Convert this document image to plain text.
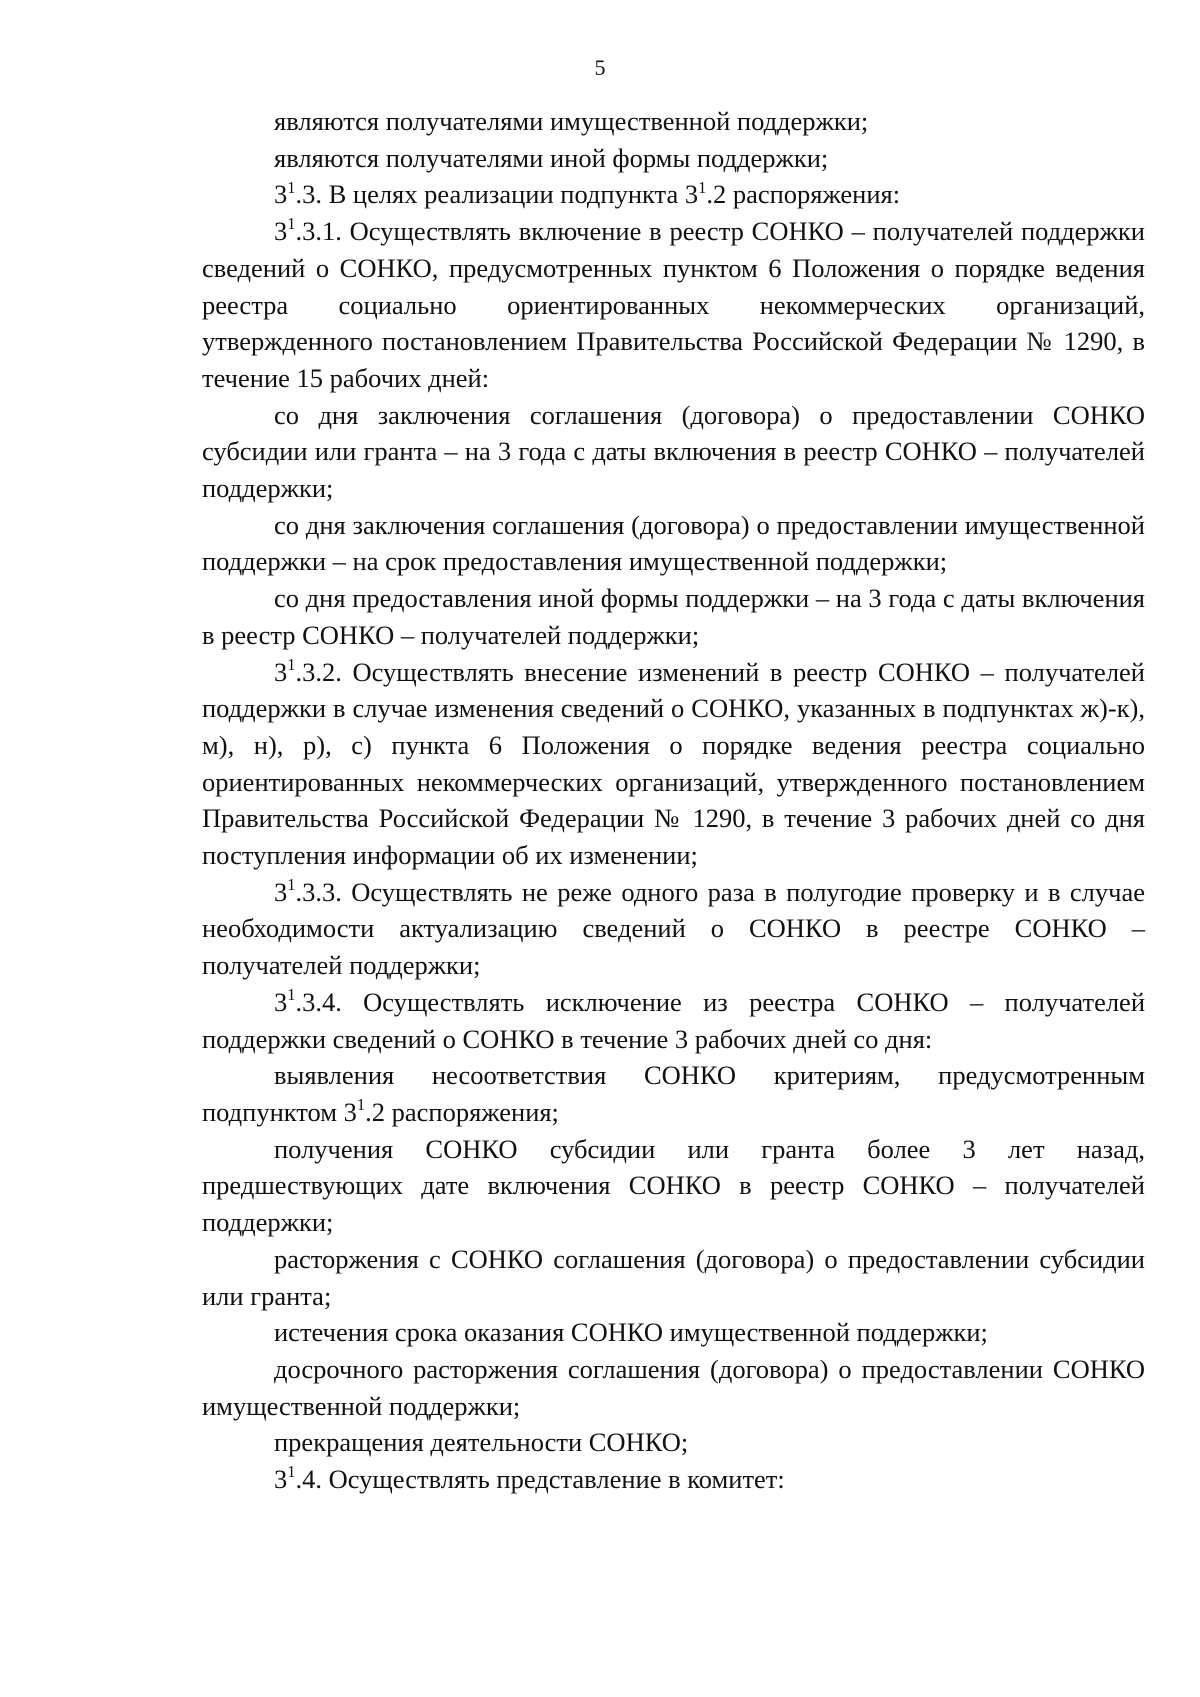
5

являются получателями имущественной поддержки;

являются получателями иной формы поддержки;

$3^1.3$. В целях реализации подпункта $3^1.2$ распоряжения:

$3^1.3.1$. Осуществлять включение в реестр СОНКО – получателей поддержки сведений о СОНКО, предусмотренных пунктом 6 Положения о порядке ведения реестра социально ориентированных некоммерческих организаций, утвержденного постановлением Правительства Российской Федерации № 1290, в течение 15 рабочих дней:

со дня заключения соглашения (договора) о предоставлении СОНКО субсидии или гранта – на 3 года с даты включения в реестр СОНКО – получателей поддержки;

со дня заключения соглашения (договора) о предоставлении имущественной поддержки – на срок предоставления имущественной поддержки;

со дня предоставления иной формы поддержки – на 3 года с даты включения в реестр СОНКО – получателей поддержки;

$3^1.3.2$. Осуществлять внесение изменений в реестр СОНКО – получателей поддержки в случае изменения сведений о СОНКО, указанных в подпунктах ж)-к), м), н), р), с) пункта 6 Положения о порядке ведения реестра социально ориентированных некоммерческих организаций, утвержденного постановлением Правительства Российской Федерации № 1290, в течение 3 рабочих дней со дня поступления информации об их изменении;

$3^1.3.3$. Осуществлять не реже одного раза в полугодие проверку и в случае необходимости актуализацию сведений о СОНКО в реестре СОНКО – получателей поддержки;

$3^1.3.4$. Осуществлять исключение из реестра СОНКО – получателей поддержки сведений о СОНКО в течение 3 рабочих дней со дня:

выявления несоответствия СОНКО критериям, предусмотренным подпунктом $3^1.2$ распоряжения;

получения СОНКО субсидии или гранта более 3 лет назад, предшествующих дате включения СОНКО в реестр СОНКО – получателей поддержки;

расторжения с СОНКО соглашения (договора) о предоставлении субсидии или гранта;

истечения срока оказания СОНКО имущественной поддержки;

досрочного расторжения соглашения (договора) о предоставлении СОНКО имущественной поддержки;

прекращения деятельности СОНКО;

$3^1.4$. Осуществлять представление в комитет:
